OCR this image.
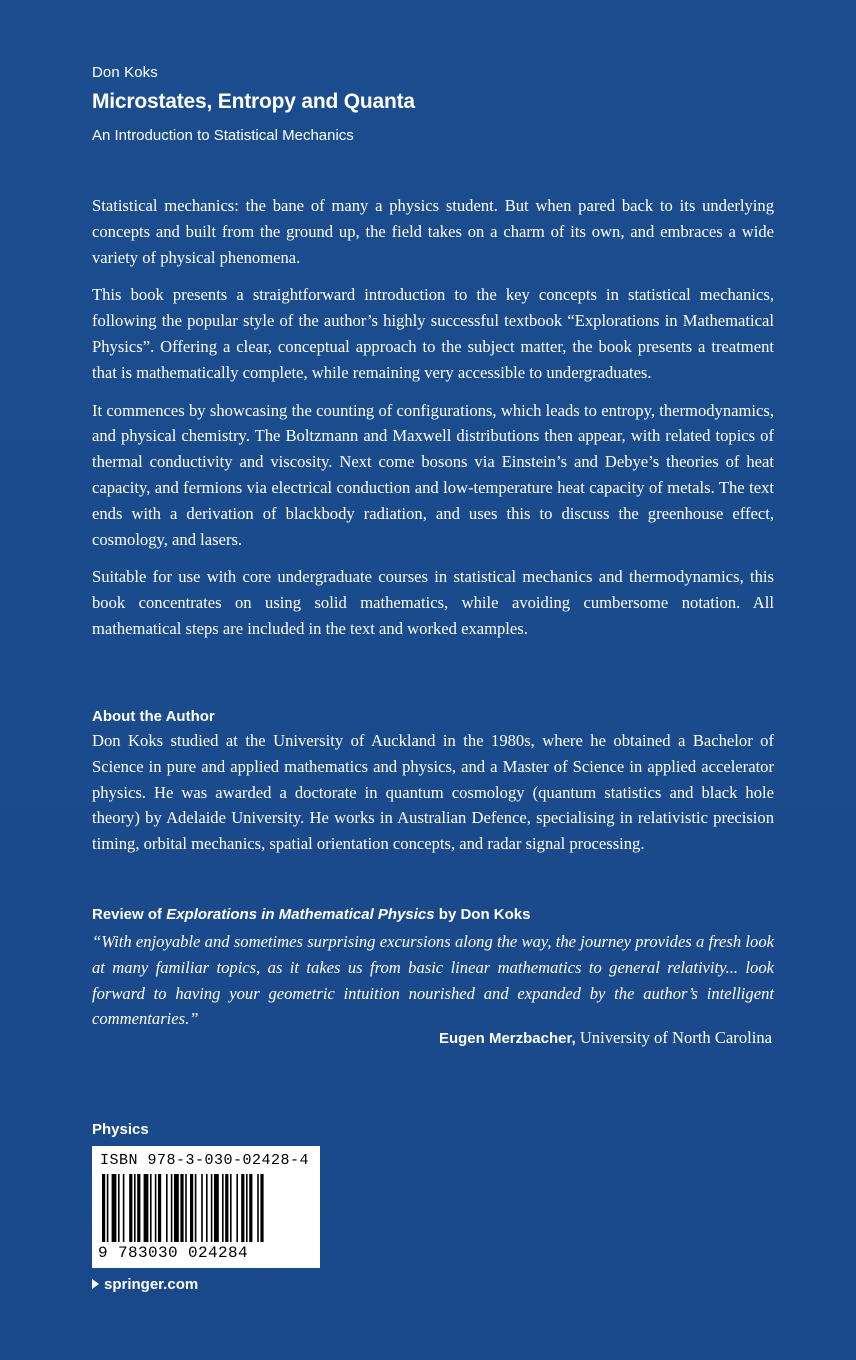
Don Koks
Microstates, Entropy and Quanta
An Introduction to Statistical Mechanics

Statistical mechanics: the bane of many a physics student. But when pared back to its underlying concepts and built from the ground up, the field takes on a charm of its own, and embraces a wide variety of physical phenomena.

This book presents a straightforward introduction to the key concepts in statistical mechanics, following the popular style of the author’s highly successful textbook “Explorations in Mathematical Physics”. Offering a clear, conceptual approach to the subject matter, the book presents a treatment that is mathematically complete, while remaining very accessible to undergraduates.

It commences by showcasing the counting of configurations, which leads to entropy, thermodynamics, and physical chemistry. The Boltzmann and Maxwell distributions then appear, with related topics of thermal conductivity and viscosity. Next come bosons via Einstein’s and Debye’s theories of heat capacity, and fermions via electrical conduction and low-temperature heat capacity of metals. The text ends with a derivation of blackbody radiation, and uses this to discuss the greenhouse effect, cosmology, and lasers.

Suitable for use with core undergraduate courses in statistical mechanics and thermodynamics, this book concentrates on using solid mathematics, while avoiding cumbersome notation. All mathematical steps are included in the text and worked examples.

About the Author
Don Koks studied at the University of Auckland in the 1980s, where he obtained a Bachelor of Science in pure and applied mathematics and physics, and a Master of Science in applied accelerator physics. He was awarded a doctorate in quantum cosmology (quantum statistics and black hole theory) by Adelaide University. He works in Australian Defence, specialising in relativistic precision timing, orbital mechanics, spatial orientation concepts, and radar signal processing.
Review of Explorations in Mathematical Physics by Don Koks
“With enjoyable and sometimes surprising excursions along the way, the journey provides a fresh look at many familiar topics, as it takes us from basic linear mathematics to general relativity... look forward to having your geometric intuition nourished and expanded by the author’s intelligent commentaries.”
Eugen Merzbacher, University of North Carolina
Physics
ISBN 978-3-030-02428-4
9 783030 024284
springer.com
